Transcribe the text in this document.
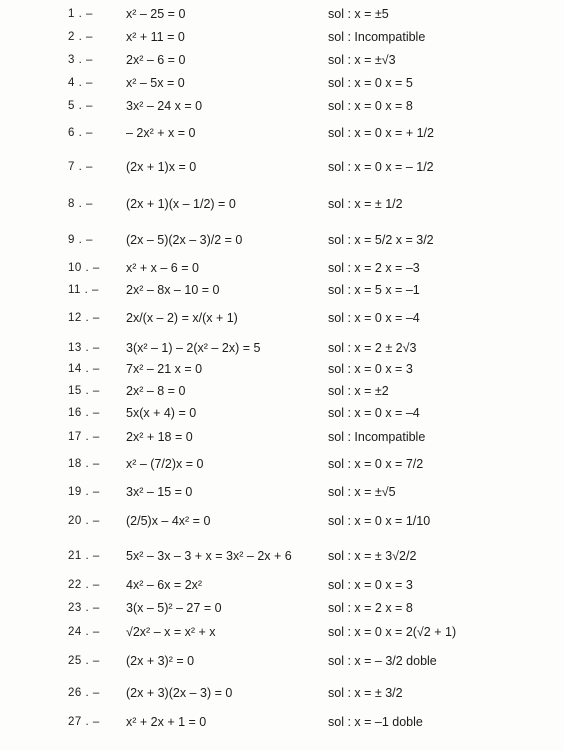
1 . –	x² – 25 = 0	sol : x = ±5
2 . –	x² + 11 = 0	sol : Incompatible
3 . –	2x² – 6 = 0	sol : x = ±√3
4 . –	x² – 5x = 0	sol : x = 0 x = 5
5 . –	3x² – 24 x = 0	sol : x = 0 x = 8
6 . –	– 2x² + x = 0	sol : x = 0 x = + 1/2
7 . –	(2x + 1)x = 0	sol : x = 0 x = – 1/2
8 . –	(2x + 1)(x – 1/2) = 0	sol : x = ± 1/2
9 . –	(2x – 5)(2x – 3)/2 = 0	sol : x = 5/2 x = 3/2
10 . – x² + x – 6 = 0	sol : x = 2 x = –3
11 . – 2x² – 8x – 10 = 0	sol : x = 5 x = –1
12 . – 2x/(x – 2) = x/(x + 1)	sol : x = 0 x = –4
13 . – 3(x² – 1) – 2(x² – 2x) = 5	sol : x = 2 ± 2√3
14 . – 7x² – 21 x = 0	sol : x = 0 x = 3
15 . – 2x² – 8 = 0	sol : x = ±2
16 . – 5x(x + 4) = 0	sol : x = 0 x = –4
17 . – 2x² + 18 = 0	sol : Incompatible
18 . – x² – (7/2)x = 0	sol : x = 0 x = 7/2
19 . – 3x² – 15 = 0	sol : x = ±√5
20 . – (2/5)x – 4x² = 0	sol : x = 0 x = 1/10
21 . – 5x² – 3x – 3 + x = 3x² – 2x + 6	sol : x = ± 3√2/2
22 . – 4x² – 6x = 2x²	sol : x = 0 x = 3
23 . – 3(x – 5)² – 27 = 0	sol : x = 2 x = 8
24 . – √2x² – x = x² + x	sol : x = 0 x = 2(√2 + 1)
25 . – (2x + 3)² = 0	sol : x = – 3/2 doble
26 . – (2x + 3)(2x – 3) = 0	sol : x = ± 3/2
27 . – x² + 2x + 1 = 0	sol : x = –1 doble
